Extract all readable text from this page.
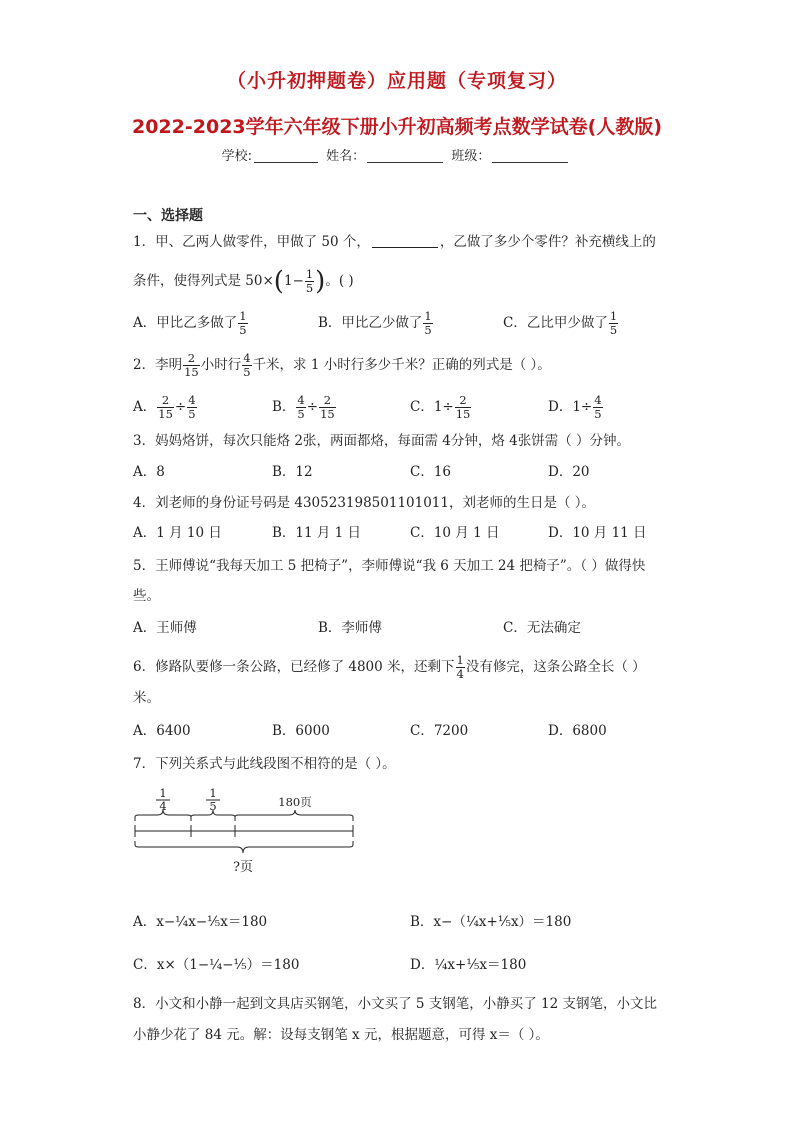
（小升初押题卷）应用题（专项复习）
2022-2023学年六年级下册小升初高频考点数学试卷(人教版)
学校:	姓名：	班级：
一、选择题
1．甲、乙两人做零件，甲做了 50 个，	，乙做了多少个零件？补充横线上的
条件，使得列式是 $50\times(1- \frac{1}{5}$ )。( )
A．甲比乙多做了 $\frac{1}{5}$	B．甲比乙少做了 $\frac{1}{5}$	C．乙比甲少做了 $\frac{1}{5}$
2．李明 $\frac{2}{15}$ 小时行 $\frac{4}{5}$ 千米，求 1 小时行多少千米？正确的列式是（ ）。
A． $\frac{2}{15} \div \frac{4}{5}$	B． $\frac{4}{5} \div \frac{2}{15}$	C．$1\div \frac{2}{15}$	D．$1\div \frac{4}{5}$
3．妈妈烙饼，每次只能烙 2张，两面都烙，每面需 4分钟，烙 4张饼需（ ）分钟。
A．8	B．12	C．16	D．20
4．刘老师的身份证号码是 430523198501101011，刘老师的生日是（ ）。
A．1 月 10 日	B．11 月 1 日	C．10 月 1 日	D．10 月 11 日
5．王师傅说“我每天加工 5 把椅子”，李师傅说“我 6 天加工 24 把椅子”。（ ）做得快
些。
A．王师傅	B．李师傅	C．无法确定
6．修路队要修一条公路，已经修了 4800 米，还剩下 $\frac{1}{4}$ 没有修完，这条公路全长（ ）
米。
A．6400	B．6000	C．7200	D．6800
7．下列关系式与此线段图不相符的是（ ）。
1
4
1
5	180页
?页
A．x−¼x−⅕x＝180	B．x−（¼x+⅕x）＝180
C．x×（1−¼−⅕）＝180	D．¼x+⅕x＝180
8．小文和小静一起到文具店买钢笔，小文买了 5 支钢笔，小静买了 12 支钢笔，小文比
小静少花了 84 元。解：设每支钢笔 x 元，根据题意，可得 x＝（ ）。
